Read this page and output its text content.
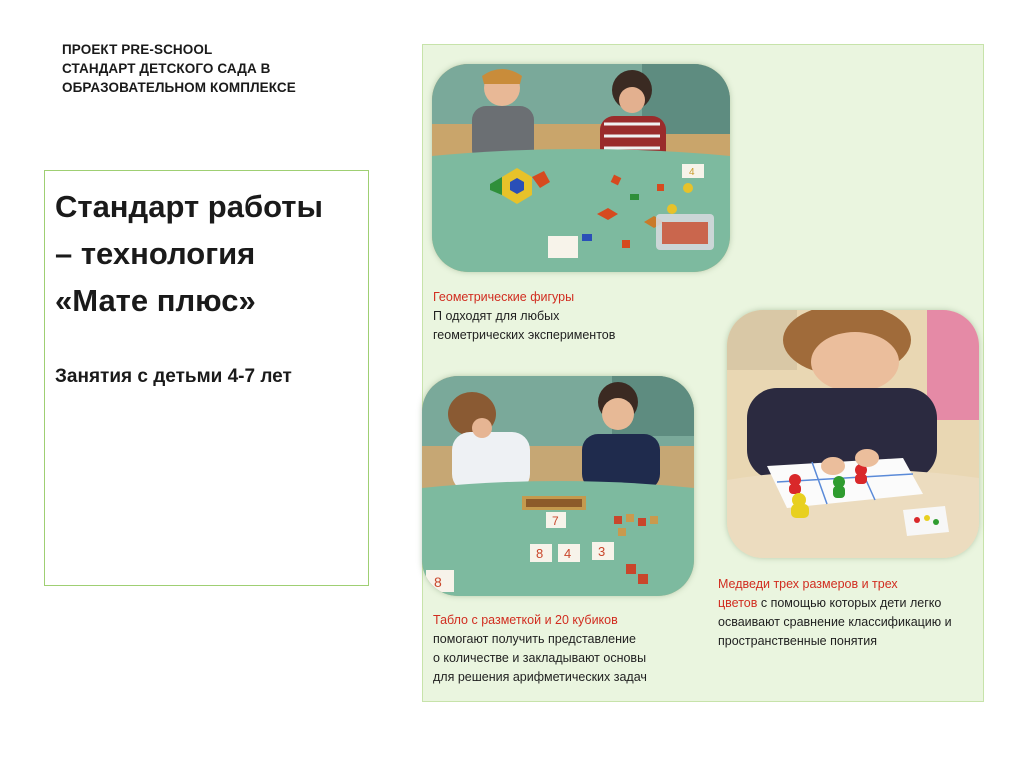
ПРОЕКТ PRE-SCHOOL
СТАНДАРТ ДЕТСКОГО САДА В
ОБРАЗОВАТЕЛЬНОМ КОМПЛЕКСЕ
Стандарт работы
– технология
«Мате плюс»
Занятия с детьми 4-7 лет
4
Геометрические фигуры
П одходят для любых
геометрических экспериментов
7
8 4 3
8
Табло с разметкой и 20 кубиков
помогают получить представление
о количестве и закладывают основы
для решения арифметических задач
Медведи трех размеров и трех
цветов с помощью которых дети легко
осваивают сравнение классификацию и
пространственные понятия
